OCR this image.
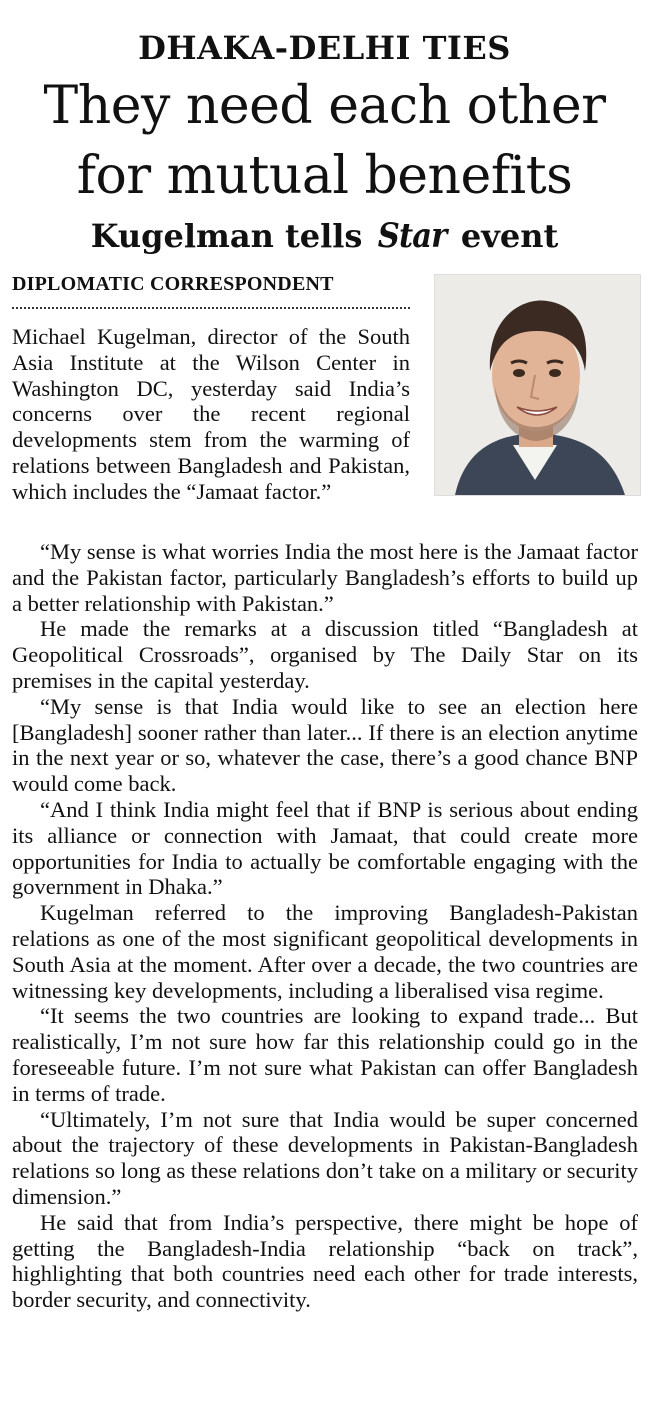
DHAKA-DELHI TIES
They need each other
for mutual benefits
Kugelman tells Star event
DIPLOMATIC CORRESPONDENT

Michael Kugelman, director of the South Asia Institute at the Wilson Center in Washington DC, yesterday said India’s concerns over the recent regional developments stem from the warming of relations between Bangladesh and Pakistan, which includes the “Jamaat factor.”

“My sense is what worries India the most here is the Jamaat factor and the Pakistan factor, particularly Bangladesh’s efforts to build up a better relationship with Pakistan.”

He made the remarks at a discussion titled “Bangladesh at Geopolitical Crossroads”, organised by The Daily Star on its premises in the capital yesterday.

“My sense is that India would like to see an election here [Bangladesh] sooner rather than later... If there is an election anytime in the next year or so, whatever the case, there’s a good chance BNP would come back.

“And I think India might feel that if BNP is serious about ending its alliance or connection with Jamaat, that could create more opportunities for India to actually be comfortable engaging with the government in Dhaka.”

Kugelman referred to the improving Bangladesh-Pakistan relations as one of the most significant geopolitical developments in South Asia at the moment. After over a decade, the two countries are witnessing key developments, including a liberalised visa regime.

“It seems the two countries are looking to expand trade... But realistically, I’m not sure how far this relationship could go in the foreseeable future. I’m not sure what Pakistan can offer Bangladesh in terms of trade.

“Ultimately, I’m not sure that India would be super concerned about the trajectory of these developments in Pakistan-Bangladesh relations so long as these relations don’t take on a military or security dimension.”

He said that from India’s perspective, there might be hope of getting the Bangladesh-India relationship “back on track”, highlighting that both countries need each other for trade interests, border security, and connectivity.
